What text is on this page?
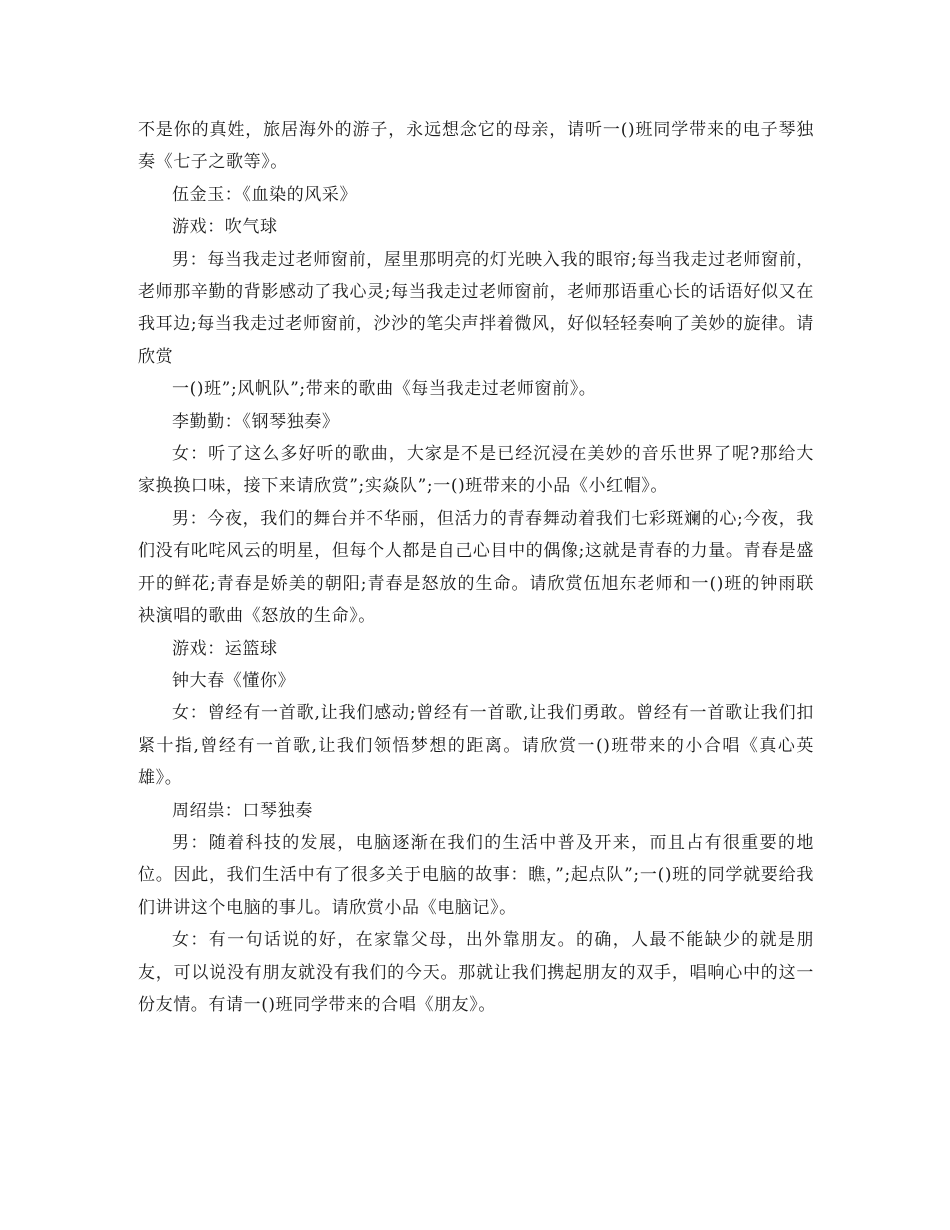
不是你的真姓，旅居海外的游子，永远想念它的母亲，请听一()班同学带来的电子琴独奏《七子之歌等》。

伍金玉：《血染的风采》

游戏：吹气球

男：每当我走过老师窗前，屋里那明亮的灯光映入我的眼帘;每当我走过老师窗前，老师那辛勤的背影感动了我心灵;每当我走过老师窗前，老师那语重心长的话语好似又在我耳边;每当我走过老师窗前，沙沙的笔尖声拌着微风，好似轻轻奏响了美妙的旋律。请欣赏

一()班”;风帆队”;带来的歌曲《每当我走过老师窗前》。

李勤勤：《钢琴独奏》

女：听了这么多好听的歌曲，大家是不是已经沉浸在美妙的音乐世界了呢?那给大家换换口味，接下来请欣赏”;实焱队”;一()班带来的小品《小红帽》。

男：今夜，我们的舞台并不华丽，但活力的青春舞动着我们七彩斑斓的心;今夜，我们没有叱咤风云的明星，但每个人都是自己心目中的偶像;这就是青春的力量。青春是盛开的鲜花;青春是娇美的朝阳;青春是怒放的生命。请欣赏伍旭东老师和一()班的钟雨联袂演唱的歌曲《怒放的生命》。

游戏：运篮球

钟大春《懂你》

女：曾经有一首歌,让我们感动;曾经有一首歌,让我们勇敢。曾经有一首歌让我们扣紧十指,曾经有一首歌,让我们领悟梦想的距离。请欣赏一()班带来的小合唱《真心英雄》。

周绍祟：口琴独奏

男：随着科技的发展，电脑逐渐在我们的生活中普及开来，而且占有很重要的地位。因此，我们生活中有了很多关于电脑的故事：瞧，”;起点队”;一()班的同学就要给我们讲讲这个电脑的事儿。请欣赏小品《电脑记》。

女：有一句话说的好，在家靠父母，出外靠朋友。的确，人最不能缺少的就是朋友，可以说没有朋友就没有我们的今天。那就让我们携起朋友的双手，唱响心中的这一份友情。有请一()班同学带来的合唱《朋友》。
